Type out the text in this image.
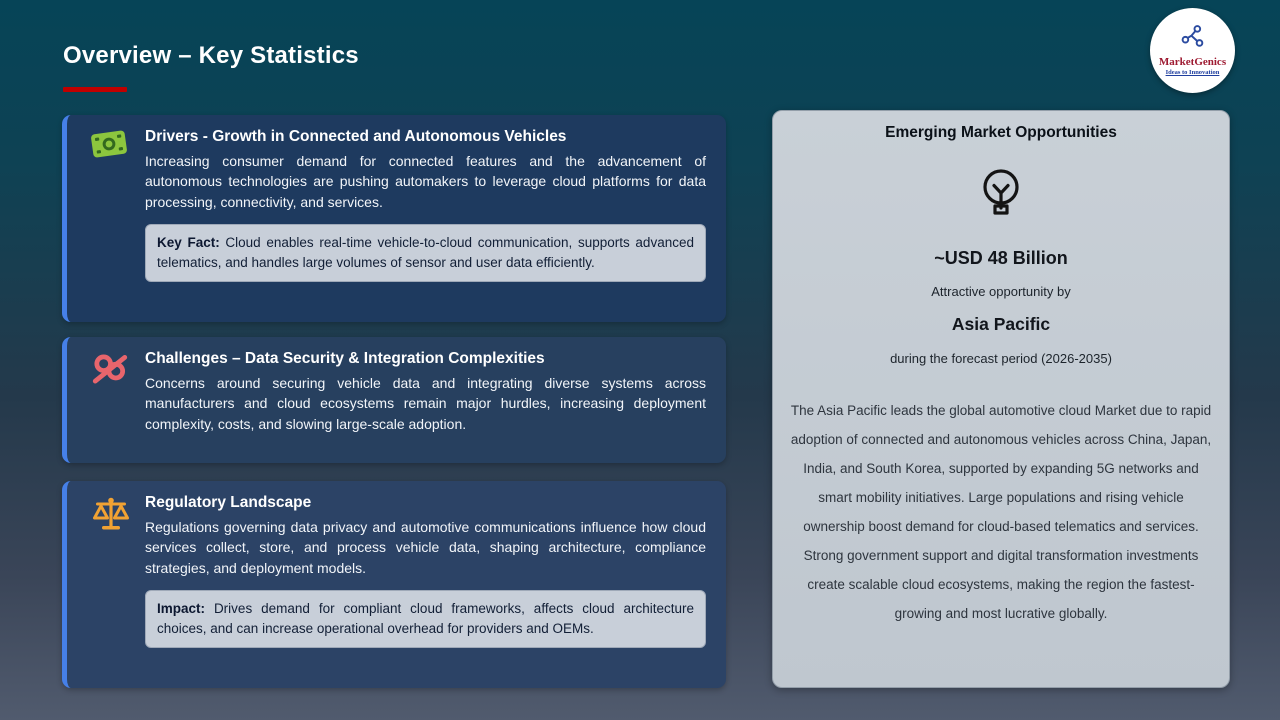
Overview – Key Statistics	MarketGenics
Ideas to Innovation
Drivers - Growth in Connected and Autonomous Vehicles
Increasing consumer demand for connected features and the advancement of autonomous technologies are pushing automakers to leverage cloud platforms for data processing, connectivity, and services.
Key Fact: Cloud enables real-time vehicle-to-cloud communication, supports advanced telematics, and handles large volumes of sensor and user data efficiently.
Challenges – Data Security & Integration Complexities
Concerns around securing vehicle data and integrating diverse systems across manufacturers and cloud ecosystems remain major hurdles, increasing deployment complexity, costs, and slowing large-scale adoption.
Regulatory Landscape
Regulations governing data privacy and automotive communications influence how cloud services collect, store, and process vehicle data, shaping architecture, compliance strategies, and deployment models.
Impact: Drives demand for compliant cloud frameworks, affects cloud architecture choices, and can increase operational overhead for providers and OEMs.
Emerging Market Opportunities
~USD 48 Billion
Attractive opportunity by
Asia Pacific
during the forecast period (2026-2035)
The Asia Pacific leads the global automotive cloud Market due to rapid adoption of connected and autonomous vehicles across China, Japan, India, and South Korea, supported by expanding 5G networks and smart mobility initiatives. Large populations and rising vehicle ownership boost demand for cloud-based telematics and services. Strong government support and digital transformation investments create scalable cloud ecosystems, making the region the fastest-growing and most lucrative globally.
